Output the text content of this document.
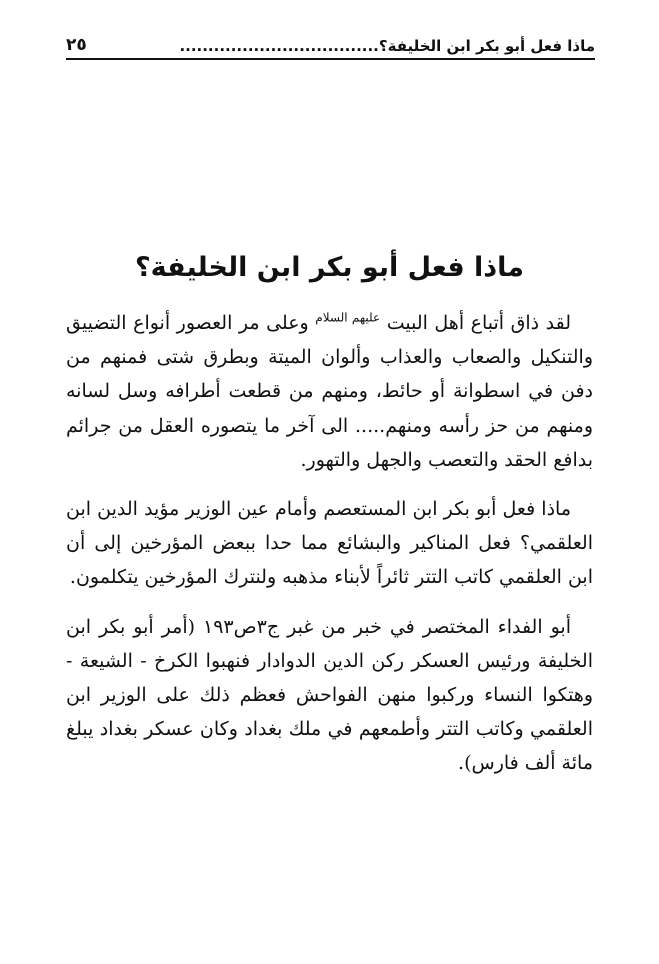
ماذا فعل أبو بكر ابن الخليفة؟...................................
٢٥
ماذا فعل أبو بكر ابن الخليفة؟

لقد ذاق أتباع أهل البيت $^{عليهم السلام}$ وعلى مر العصور أنواع التضييق والتنكيل والصعاب والعذاب وألوان الميتة وبطرق شتى فمنهم من دفن في اسطوانة أو حائط، ومنهم من قطعت أطرافه وسل لسانه ومنهم من حز رأسه ومنهم..... الى آخر ما يتصوره العقل من جرائم بدافع الحقد والتعصب والجهل والتهور.

ماذا فعل أبو بكر ابن المستعصم وأمام عين الوزير مؤيد الدين ابن العلقمي؟ فعل المناكير والبشائع مما حدا ببعض المؤرخين إلى أن ابن العلقمي كاتب التتر ثائراً لأبناء مذهبه ولنترك المؤرخين يتكلمون.

أبو الفداء المختصر في خبر من غبر ج٣ص١٩٣ (أمر أبو بكر ابن الخليفة ورئيس العسكر ركن الدين الدوادار فنهبوا الكرخ - الشيعة - وهتكوا النساء وركبوا منهن الفواحش فعظم ذلك على الوزير ابن العلقمي وكاتب التتر وأطمعهم في ملك بغداد وكان عسكر بغداد يبلغ مائة ألف فارس).
